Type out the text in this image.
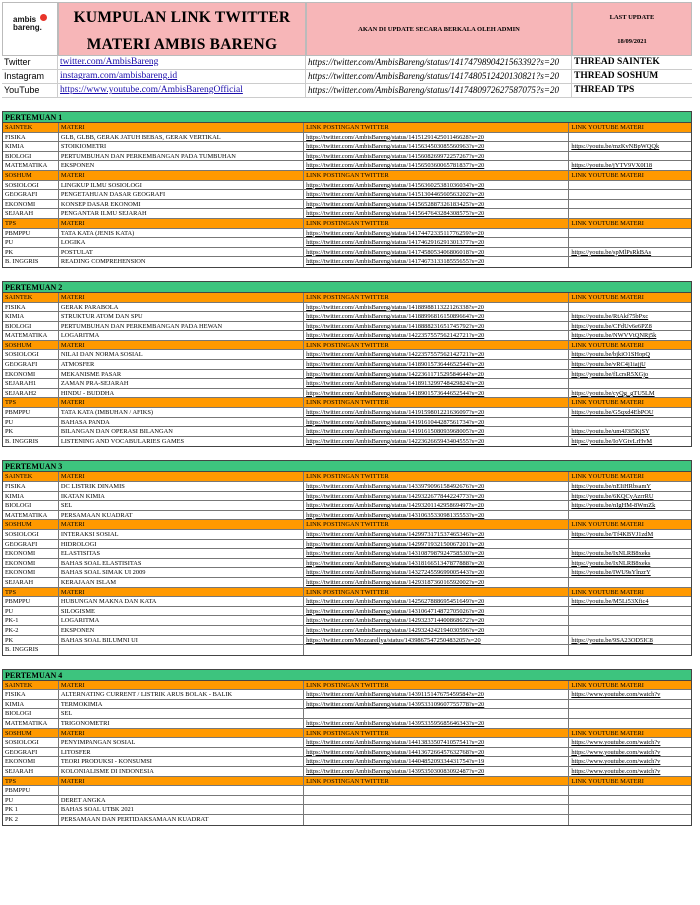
ambis
bareng.
KUMPULAN LINK TWITTER
MATERI AMBIS BARENG
AKAN DI UPDATE SECARA BERKALA OLEH ADMIN
LAST UPDATE
18/09/2021
Twitter	twitter.com/AmbisBareng	https://twitter.com/AmbisBareng/status/1417479890421563392?s=20	THREAD SAINTEK
Instagram	instagram.com/ambisbareng.id	https://twitter.com/AmbisBareng/status/1417480512420130821?s=20	THREAD SOSHUM
YouTube	https://www.youtube.com/AmbisBarengOfficial	https://twitter.com/AmbisBareng/status/1417480972627587075?s=20	THREAD TPS
PERTEMUAN 1
SAINTEK	MATERI	LINK POSTINGAN TWITTER	LINK YOUTUBE MATERI
FISIKA	GLB, GLBB, GERAK JATUH BEBAS, GERAK VERTIKAL	https://twitter.com/AmbisBareng/status/1415129142501146628?s=20
KIMIA	STOIKIOMETRI	https://twitter.com/AmbisBareng/status/1415634503085560963?s=20	https://youtu.be/mzKvNBpWQQk
BIOLOGI	PERTUMBUHAN DAN PERKEMBANGAN PADA TUMBUHAN	https://twitter.com/AmbisBareng/status/1415608269972257267?s=20
MATEMATIKA	EKSPONEN	https://twitter.com/AmbisBareng/status/1415650360065781837?s=20	https://youtu.be/jYTV9VX0I18
SOSHUM	MATERI	LINK POSTINGAN TWITTER	LINK YOUTUBE MATERI
SOSIOLOGI	LINGKUP ILMU SOSIOLOGI	https://twitter.com/AmbisBareng/status/1415636025381036034?s=20
GEOGRAFI	PENGETAHUAN DASAR GEOGRAFI	https://twitter.com/AmbisBareng/status/1415130446560563202?s=20
EKONOMI	KONSEP DASAR EKONOMI	https://twitter.com/AmbisBareng/status/1415652887326183425?s=20
SEJARAH	PENGANTAR ILMU SEJARAH	https://twitter.com/AmbisBareng/status/1415647643284308575?s=20
TPS	MATERI	LINK POSTINGAN TWITTER	LINK YOUTUBE MATERI
PBMPPU	TATA KATA (JENIS KATA)	https://twitter.com/AmbisBareng/status/1417447233511776259?s=20
PU	LOGIKA	https://twitter.com/AmbisBareng/status/1417462916291301377?s=20
PK	POSTULAT	https://twitter.com/AmbisBareng/status/1417458053406806018?s=20	https://youtu.be/spMlPsRkBAs
B. INGGRIS	READING COMPREHENSION	https://twitter.com/AmbisBareng/status/1417467313318555655?s=20
PERTEMUAN 2
SAINTEK	MATERI	LINK POSTINGAN TWITTER	LINK YOUTUBE MATERI
FISIKA	GERAK PARABOLA	https://twitter.com/AmbisBareng/status/1418898811322126338?s=20
KIMIA	STRUKTUR ATOM DAN SPU	https://twitter.com/AmbisBareng/status/1418899681615089664?s=20	https://youtu.be/RtAkf75bPxc
BIOLOGI	PERTUMBUHAN DAN PERKEMBANGAN PADA HEWAN	https://twitter.com/AmbisBareng/status/1418888231651745792?s=20	https://youtu.be/CFdUv6e6PZ8
MATEMATIKA	LOGARITMA	https://twitter.com/AmbisBareng/status/1422357557562142721?s=20	https://youtu.be/NWVVtQNRj5k
SOSHUM	MATERI	LINK POSTINGAN TWITTER	LINK YOUTUBE MATERI
SOSIOLOGI	NILAI DAN NORMA SOSIAL	https://twitter.com/AmbisBareng/status/1422357557562142721?s=20	https://youtu.be/bjkiO1SHopQ
GEOGRAFI	ATMOSFER	https://twitter.com/AmbisBareng/status/1418901573644652544?s=20	https://youtu.be/vRC4j1iajjU
EKONOMI	MEKANISME PASAR	https://twitter.com/AmbisBareng/status/1422361171529584644?s=20	https://youtu.be/fLcrsR5XGjo
SEJARAH1	ZAMAN PRA-SEJARAH	https://twitter.com/AmbisBareng/status/1418913299748429824?s=20
SEJARAH2	HINDU - BUDDHA	https://twitter.com/AmbisBareng/status/1418901573644652544?s=20	https://youtu.be/cyQg_gTU5LM
TPS	MATERI	LINK POSTINGAN TWITTER	LINK YOUTUBE MATERI
PBMPPU	TATA KATA (IMBUHAN / AFIKS)	https://twitter.com/AmbisBareng/status/1419159801221636097?s=20	https://youtu.be/G5qxd4EbPOU
PU	BAHASA PANDA	https://twitter.com/AmbisBareng/status/1419161044287561734?s=20
PK	BILANGAN DAN OPERASI BILANGAN	https://twitter.com/AmbisBareng/status/1419161508093968005?s=20	https://youtu.be/um4J3i5KjSY
B. INGGRIS	LISTENING AND VOCABULARIES GAMES	https://twitter.com/AmbisBareng/status/1422362665943404555?s=20	https://youtu.be/IoVGtvLrHvM
PERTEMUAN 3
SAINTEK	MATERI	LINK POSTINGAN TWITTER	LINK YOUTUBE MATERI
FISIKA	DC LISTRIK DINAMIS	https://twitter.com/AmbisBareng/status/1433979096158492676?s=20	https://youtu.be/nEIiHRbsamY
KIMIA	IKATAN KIMIA	https://twitter.com/AmbisBareng/status/1429322677844224773?s=20	https://youtu.be/6KQCyAzrrRU
BIOLOGI	SEL	https://twitter.com/AmbisBareng/status/1429320114295869497?s=20	https://youtu.be/nIgHM-8WmZk
MATEMATIKA	PERSAMAAN KUADRAT	https://twitter.com/AmbisBareng/status/1431063533098135553?s=20
SOSHUM	MATERI	LINK POSTINGAN TWITTER	LINK YOUTUBE MATERI
SOSIOLOGI	INTERAKSI SOSIAL	https://twitter.com/AmbisBareng/status/1429973171537465346?s=20	https://youtu.be/Tf4KBVJ1zdM
GEOGRAFI	HIDROLOGI	https://twitter.com/AmbisBareng/status/1429971932150067201?s=20
EKONOMI	ELASTISITAS	https://twitter.com/AmbisBareng/status/1431087987924758530?s=20	https://youtu.be/IxNLRB8xeks
EKONOMI	BAHAS SOAL ELASTISITAS	https://twitter.com/AmbisBareng/status/1431816651347877888?s=20	https://youtu.be/IxNLRB8xeks
EKONOMI	BAHAS SOAL SIMAK UI 2009	https://twitter.com/AmbisBareng/status/1432724559699005443?s=20	https://youtu.be/IWU9sYlnzrY
SEJARAH	KERAJAAN ISLAM	https://twitter.com/AmbisBareng/status/1429318736016592002?s=20
TPS	MATERI	LINK POSTINGAN TWITTER	LINK YOUTUBE MATERI
PBMPPU	HUBUNGAN MAKNA DAN KATA	https://twitter.com/AmbisBareng/status/1425627888695451649?s=20	https://youtu.be/M5Li53Xfic4
PU	SILOGISME	https://twitter.com/AmbisBareng/status/1431064714872705026?s=20
PK-1	LOGARITMA	https://twitter.com/AmbisBareng/status/1429323714400868672?s=20
PK-2	EKSPONEN	https://twitter.com/AmbisBareng/status/1429324242194030596?s=20
PK	BAHAS SOAL BILUMNI UI	https://twitter.com/Mozzarellya/status/1439867547250483205?s=20	https://youtu.be/9SA23OD5IC8
B. INGGRIS
PERTEMUAN 4
SAINTEK	MATERI	LINK POSTINGAN TWITTER	LINK YOUTUBE MATERI
FISIKA	ALTERNATING CURRENT / LISTRIK ARUS BOLAK - BALIK	https://twitter.com/AmbisBareng/status/1439115147675459584?s=20	https://www.youtube.com/watch?v
KIMIA	TERMOKIMIA	https://twitter.com/AmbisBareng/status/1439533109607755778?s=20
BIOLOGI	SEL
MATEMATIKA	TRIGONOMETRI	https://twitter.com/AmbisBareng/status/1439533595685646343?s=20
SOSHUM	MATERI	LINK POSTINGAN TWITTER	LINK YOUTUBE MATERI
SOSIOLOGI	PENYIMPANGAN SOSIAL	https://twitter.com/AmbisBareng/status/1441383350741057541?s=20	https://www.youtube.com/watch?v
GEOGRAFI	LITOSFER	https://twitter.com/AmbisBareng/status/1441367266457632768?s=20	https://www.youtube.com/watch?v
EKONOMI	TEORI PRODUKSI - KONSUMSI	https://twitter.com/AmbisBareng/status/1440485209334431754?s=19	https://www.youtube.com/watch?v
SEJARAH	KOLONIALISME DI INDONESIA	https://twitter.com/AmbisBareng/status/1439535030083092487?s=20	https://www.youtube.com/watch?v
TPS	MATERI	LINK POSTINGAN TWITTER	LINK YOUTUBE MATERI
PBMPPU
PU	DERET ANGKA
PK 1	BAHAS SOAL UTBK 2021
PK 2	PERSAMAAN DAN PERTIDAKSAMAAN KUADRAT
